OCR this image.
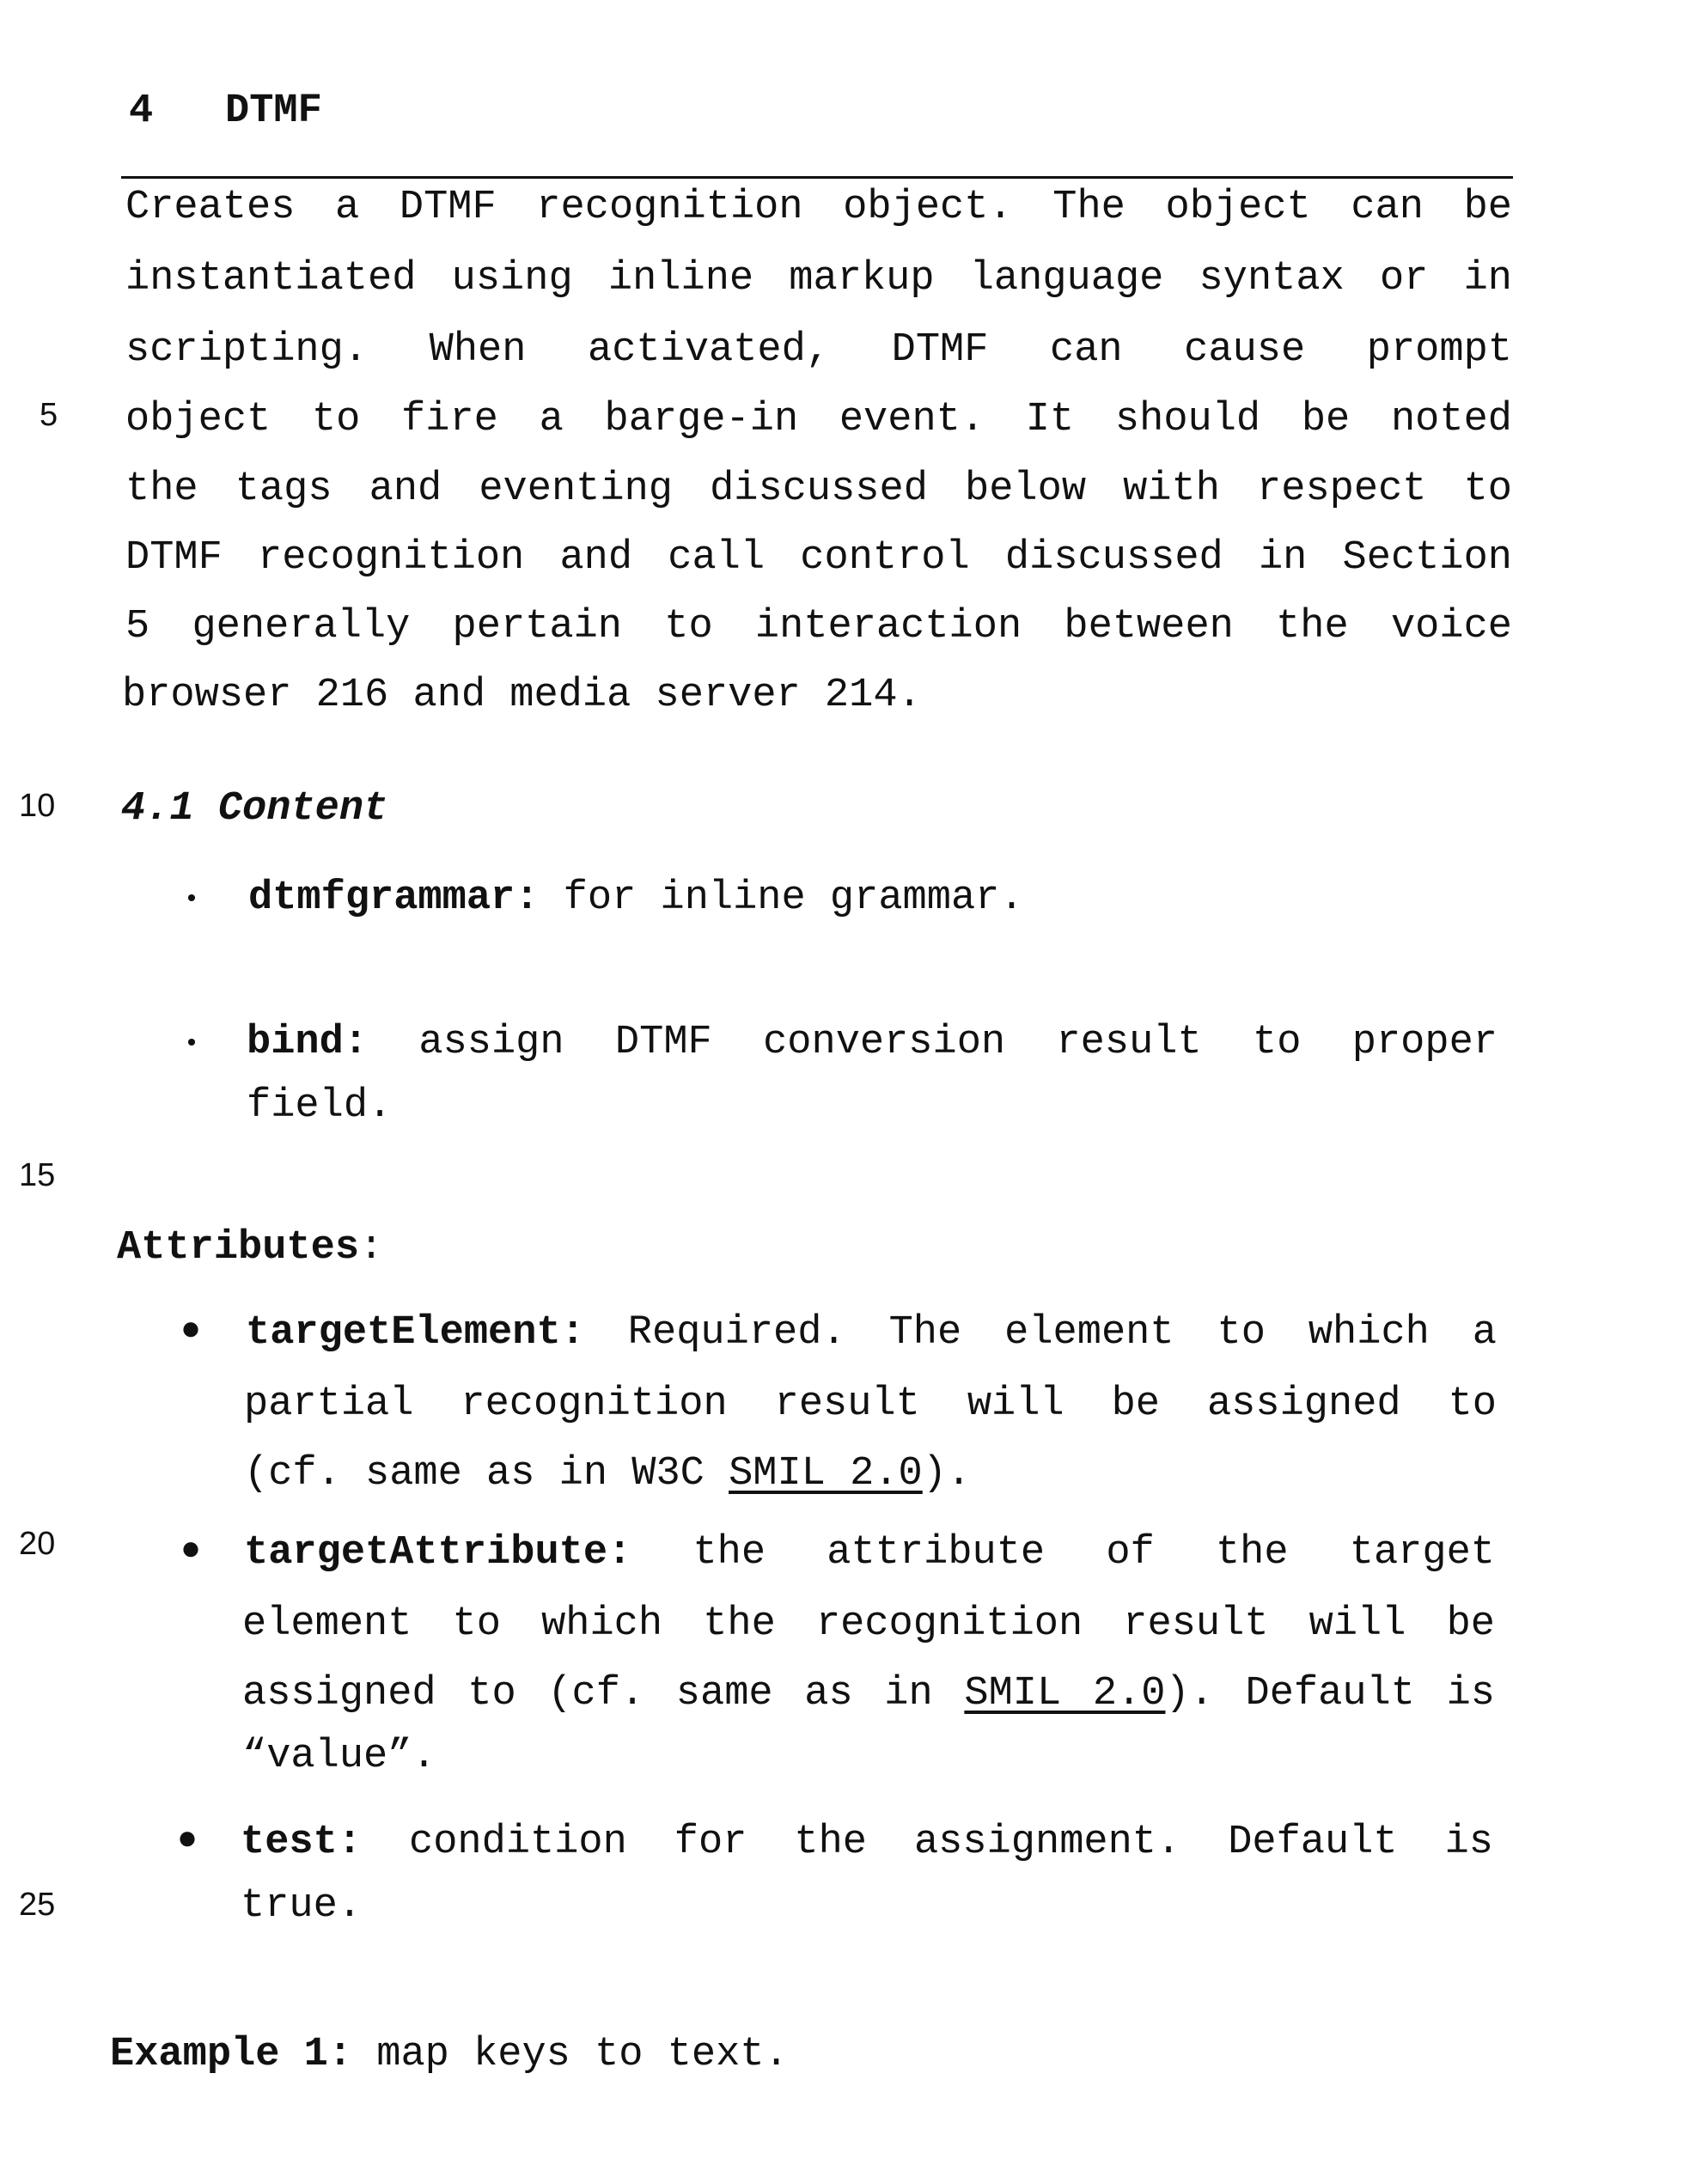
4 DTMF
Creates a DTMF recognition object. The object can be
instantiated using inline markup language syntax or in
scripting. When activated, DTMF can cause prompt
object to fire a barge-in event. It should be noted
the tags and eventing discussed below with respect to
DTMF recognition and call control discussed in Section
5 generally pertain to interaction between the voice
browser 216 and media server 214.
5
10
15
20
25
4.1 Content
• dtmfgrammar: for inline grammar.
• bind: assign DTMF conversion result to proper
field.
Attributes:
● targetElement: Required. The element to which a
partial recognition result will be assigned to
(cf. same as in W3C SMIL 2.0).
● targetAttribute: the attribute of the target
element to which the recognition result will be
assigned to (cf. same as in SMIL 2.0). Default is
“value”.
● test: condition for the assignment. Default is
true.
Example 1: map keys to text.
